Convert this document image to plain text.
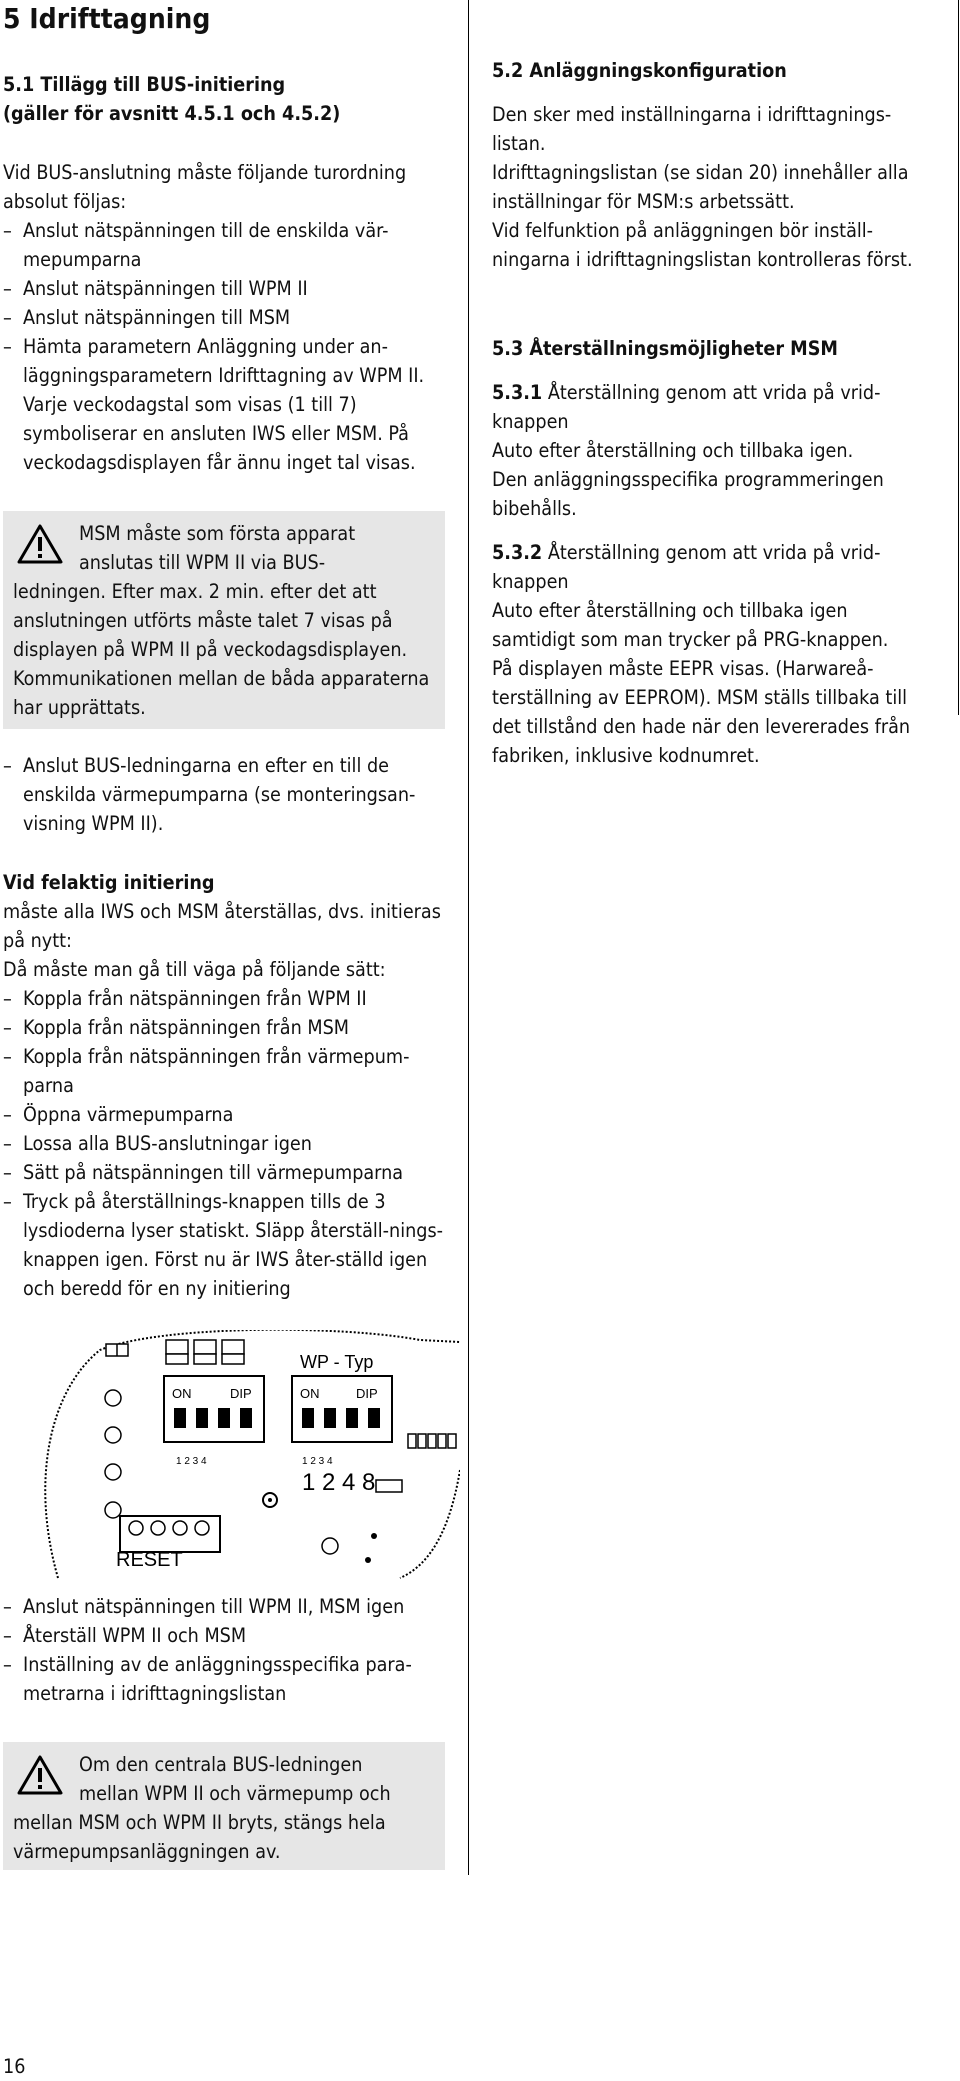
5 Idrifttagning
5.1 Tillägg till BUS-initiering
(gäller för avsnitt 4.5.1 och 4.5.2)

Vid BUS-anslutning måste följande turordning absolut följas:

– Anslut nätspänningen till de enskilda vär-mepumparna
– Anslut nätspänningen till WPM II
– Anslut nätspänningen till MSM
– Hämta parametern Anläggning under an-läggningsparametern Idrifttagning av WPM II. Varje veckodagstal som visas (1 till 7) symboliserar en ansluten IWS eller MSM. På veckodagsdisplayen får ännu inget tal visas.

MSM måste som första apparat anslutas till WPM II via BUS-

ledningen. Efter max. 2 min. efter det att anslutningen utförts måste talet 7 visas på displayen på WPM II på veckodagsdisplayen. Kommunikationen mellan de båda apparaterna har upprättats.

– Anslut BUS-ledningarna en efter en till de enskilda värmepumparna (se monteringsan-visning WPM II).
Vid felaktig initiering

måste alla IWS och MSM återställas, dvs. initieras på nytt:
Då måste man gå till väga på följande sätt:

– Koppla från nätspänningen från WPM II
– Koppla från nätspänningen från MSM
– Koppla från nätspänningen från värmepum-parna
– Öppna värmepumparna
– Lossa alla BUS-anslutningar igen
– Sätt på nätspänningen till värmepumparna
– Tryck på återställnings-knappen tills de 3 lysdioderna lyser statiskt. Släpp återställ-nings-knappen igen. Först nu är IWS åter-ställd igen och beredd för en ny initiering
WP - Typ
ON	DIP
1 2 3 4
ON	DIP
1 2 3 4
1 2 4 8
RESET
– Anslut nätspänningen till WPM II, MSM igen
– Återställ WPM II och MSM
– Inställning av de anläggningsspecifika para-metrarna i idrifttagningslistan

Om den centrala BUS-ledningen mellan WPM II och värmepump och

mellan MSM och WPM II bryts, stängs hela värmepumpsanläggningen av.

5.2 Anläggningskonfiguration

Den sker med inställningarna i idrifttagnings-listan.
Idrifttagningslistan (se sidan 20) innehåller alla inställningar för MSM:s arbetssätt.
Vid felfunktion på anläggningen bör inställ-ningarna i idrifttagningslistan kontrolleras först.

5.3 Återställningsmöjligheter MSM

5.3.1 Återställning genom att vrida på vrid-knappen
Auto efter återställning och tillbaka igen.
Den anläggningsspecifika programmeringen bibehålls.

5.3.2 Återställning genom att vrida på vrid-knappen
Auto efter återställning och tillbaka igen samtidigt som man trycker på PRG-knappen.
På displayen måste EEPR visas. (Harwareå-terställning av EEPROM). MSM ställs tillbaka till det tillstånd den hade när den levererades från fabriken, inklusive kodnumret.

16
